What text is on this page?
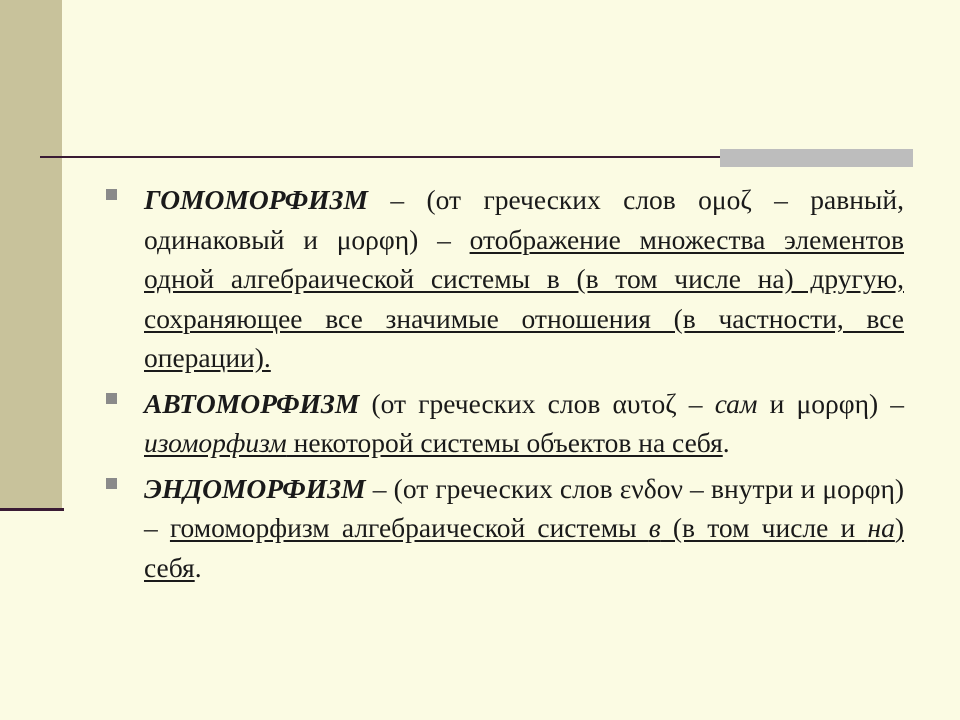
ГОМОМОРФИЗМ – (от греческих слов ομοζ – равный, одинаковый и μορφη) – отображение множества элементов одной алгебраической системы в (в том числе на) другую, сохраняющее все значимые отношения (в частности, все операции).

АВТОМОРФИЗМ (от греческих слов αυτοζ – сам и μορφη) – изоморфизм некоторой системы объектов на себя.

ЭНДОМОРФИЗМ – (от греческих слов ενδον – внутри и μορφη) – гомоморфизм алгебраической системы в (в том числе и на) себя.
